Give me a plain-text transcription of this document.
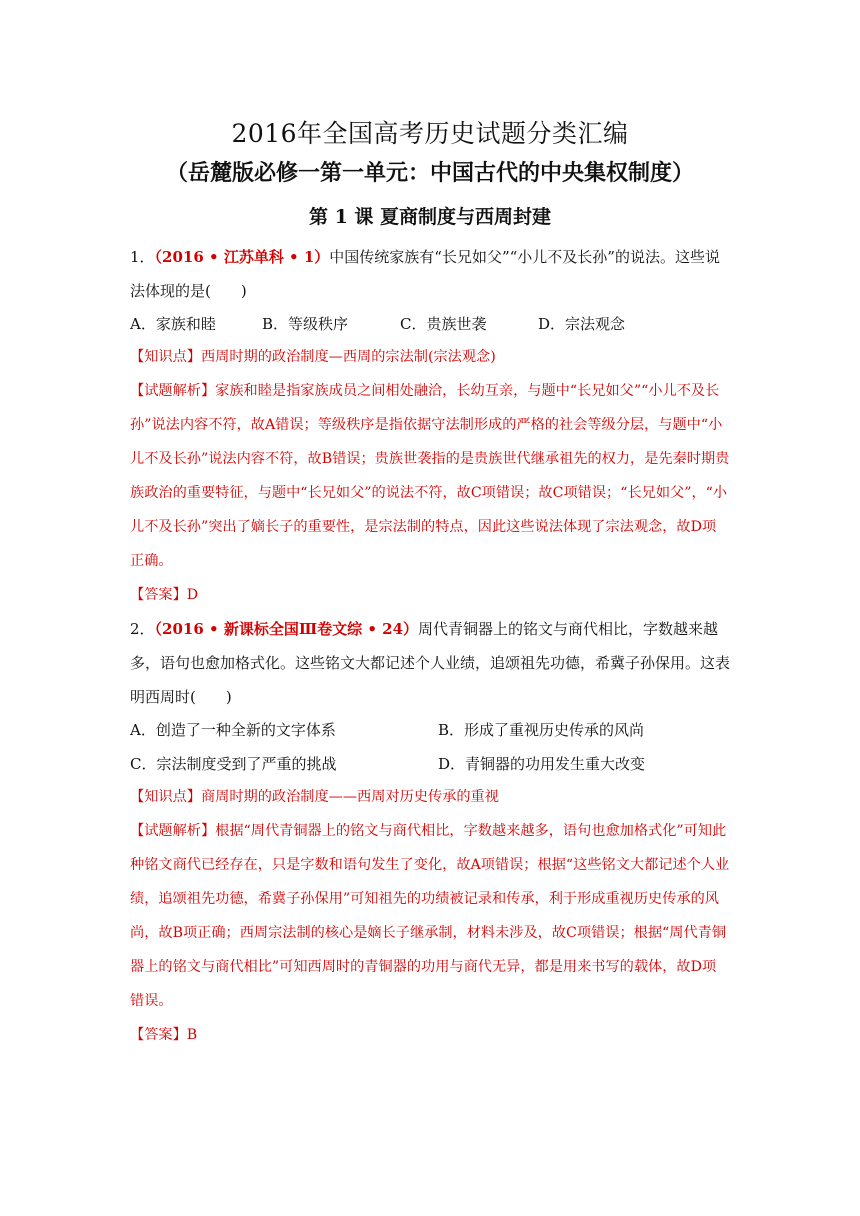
2016年全国高考历史试题分类汇编
（岳麓版必修一第一单元：中国古代的中央集权制度）
第 1 课 夏商制度与西周封建
1．（2016 • 江苏单科 • 1）中国传统家族有“长兄如父”“小儿不及长孙”的说法。这些说法体现的是(　　)
A．家族和睦	B．等级秩序	C．贵族世袭	D．宗法观念
【知识点】西周时期的政治制度—西周的宗法制(宗法观念)
【试题解析】家族和睦是指家族成员之间相处融洽，长幼互亲，与题中“长兄如父”“小儿不及长孙”说法内容不符，故A错误；等级秩序是指依据守法制形成的严格的社会等级分层，与题中“小儿不及长孙”说法内容不符，故B错误；贵族世袭指的是贵族世代继承祖先的权力，是先秦时期贵族政治的重要特征，与题中“长兄如父”的说法不符，故C项错误；故C项错误；“长兄如父”，“小儿不及长孙”突出了嫡长子的重要性，是宗法制的特点，因此这些说法体现了宗法观念，故D项正确。
【答案】D
2．（2016 • 新课标全国Ⅲ卷文综 • 24）周代青铜器上的铭文与商代相比，字数越来越多，语句也愈加格式化。这些铭文大都记述个人业绩，追颂祖先功德，希冀子孙保用。这表明西周时(　　)
A．创造了一种全新的文字体系	B．形成了重视历史传承的风尚
C．宗法制度受到了严重的挑战	D．青铜器的功用发生重大改变
【知识点】商周时期的政治制度——西周对历史传承的重视
【试题解析】根据“周代青铜器上的铭文与商代相比，字数越来越多，语句也愈加格式化”可知此种铭文商代已经存在，只是字数和语句发生了变化，故A项错误；根据“这些铭文大都记述个人业绩，追颂祖先功德，希冀子孙保用”可知祖先的功绩被记录和传承，利于形成重视历史传承的风尚，故B项正确；西周宗法制的核心是嫡长子继承制，材料未涉及，故C项错误；根据“周代青铜器上的铭文与商代相比”可知西周时的青铜器的功用与商代无异，都是用来书写的载体，故D项错误。
【答案】B
